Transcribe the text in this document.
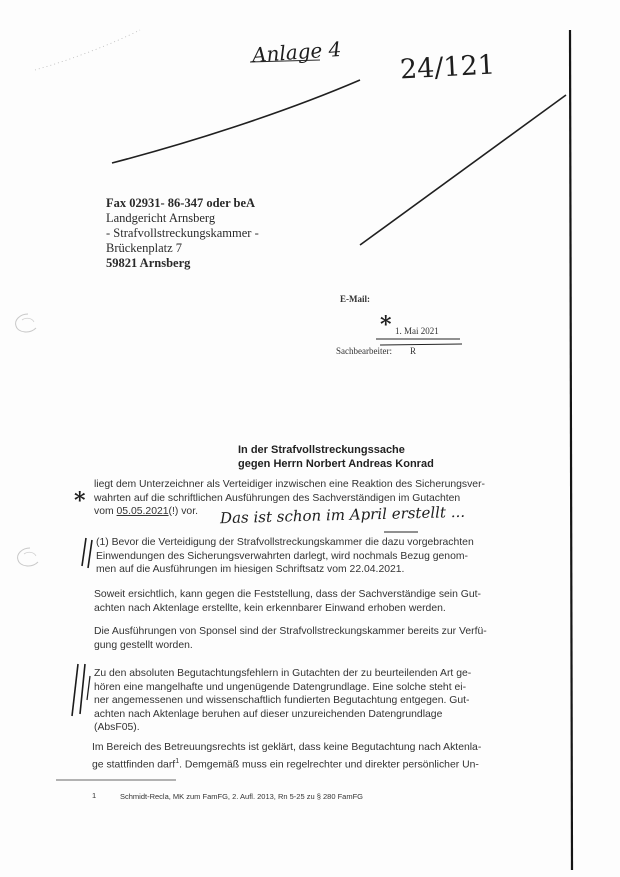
Anlage 4 24/121
Fax 02931- 86-347 oder beA
Landgericht Arnsberg
- Strafvollstreckungskammer -
Brückenplatz 7
59821 Arnsberg
E-Mail:
* 1. Mai 2021
Sachbearbeiter: R
In der Strafvollstreckungssache
gegen Herrn Norbert Andreas Konrad
liegt dem Unterzeichner als Verteidiger inzwischen eine Reaktion des Sicherungsver-
wahrten auf die schriftlichen Ausführungen des Sachverständigen im Gutachten
vom 05.05.2021(!) vor.
*
Das ist schon im April erstellt ...
(1) Bevor die Verteidigung der Strafvollstreckungskammer die dazu vorgebrachten
Einwendungen des Sicherungsverwahrten darlegt, wird nochmals Bezug genom-
men auf die Ausführungen im hiesigen Schriftsatz vom 22.04.2021.
Soweit ersichtlich, kann gegen die Feststellung, dass der Sachverständige sein Gut-
achten nach Aktenlage erstellte, kein erkennbarer Einwand erhoben werden.
Die Ausführungen von Sponsel sind der Strafvollstreckungskammer bereits zur Verfü-
gung gestellt worden.
Zu den absoluten Begutachtungsfehlern in Gutachten der zu beurteilenden Art ge-
hören eine mangelhafte und ungenügende Datengrundlage. Eine solche steht ei-
ner angemessenen und wissenschaftlich fundierten Begutachtung entgegen. Gut-
achten nach Aktenlage beruhen auf dieser unzureichenden Datengrundlage
(AbsF05).
Im Bereich des Betreuungsrechts ist geklärt, dass keine Begutachtung nach Aktenla-
ge stattfinden darf$^1$. Demgemäß muss ein regelrechter und direkter persönlicher Un-
1	Schmidt-Recla, MK zum FamFG, 2. Aufl. 2013, Rn 5-25 zu § 280 FamFG
